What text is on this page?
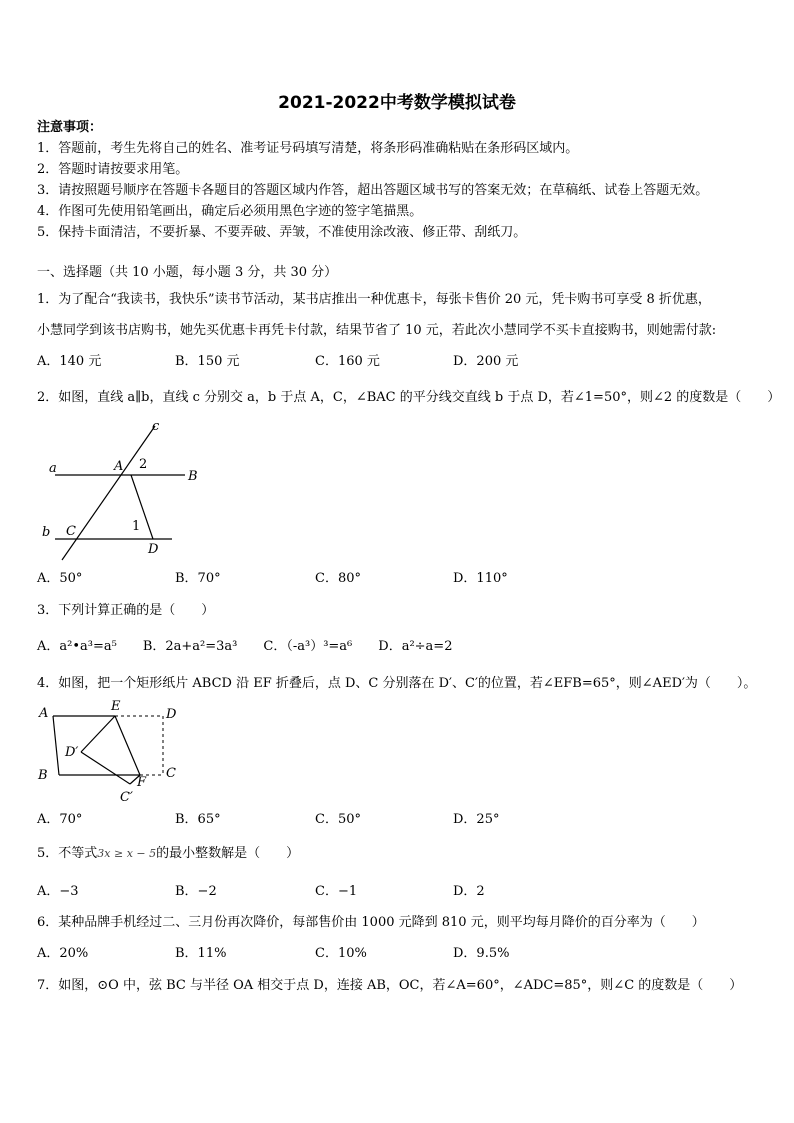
2021-2022中考数学模拟试卷
注意事项：
1．答题前，考生先将自己的姓名、准考证号码填写清楚，将条形码准确粘贴在条形码区域内。
2．答题时请按要求用笔。
3．请按照题号顺序在答题卡各题目的答题区域内作答，超出答题区域书写的答案无效；在草稿纸、试卷上答题无效。
4．作图可先使用铅笔画出，确定后必须用黑色字迹的签字笔描黑。
5．保持卡面清洁，不要折暴、不要弄破、弄皱，不准使用涂改液、修正带、刮纸刀。
一、选择题（共 10 小题，每小题 3 分，共 30 分）
1．为了配合“我读书，我快乐”读书节活动，某书店推出一种优惠卡，每张卡售价 20 元，凭卡购书可享受 8 折优惠，
小慧同学到该书店购书，她先买优惠卡再凭卡付款，结果节省了 10 元，若此次小慧同学不买卡直接购书，则她需付款:
A．140 元	B．150 元	C．160 元	D．200 元
2．如图，直线 a∥b，直线 c 分别交 a，b 于点 A，C，∠BAC 的平分线交直线 b 于点 D，若∠1=50°，则∠2 的度数是（　　）
c
a	A 2
B
b C	1
D
A．50°	B．70°	C．80°	D．110°
3．下列计算正确的是（　　）
A．a²•a³=a⁵ B．2a+a²=3a³ C．（-a³）³=a⁶ D．a²÷a=2
4．如图，把一个矩形纸片 ABCD 沿 EF 折叠后，点 D、C 分别落在 D′、C′的位置，若∠EFB=65°，则∠AED′为（　　）。
A	E
D
D′
B	F
C
C′
A．70°	B．65°	C．50°	D．25°
5．不等式3x ≥ x − 5的最小整数解是（　　）
A．−3	B．−2	C．−1	D．2
6．某种品牌手机经过二、三月份再次降价，每部售价由 1000 元降到 810 元，则平均每月降价的百分率为（　　）
A．20%	B．11%	C．10%	D．9.5%
7．如图，⊙O 中，弦 BC 与半径 OA 相交于点 D，连接 AB，OC，若∠A=60°，∠ADC=85°，则∠C 的度数是（　　）
